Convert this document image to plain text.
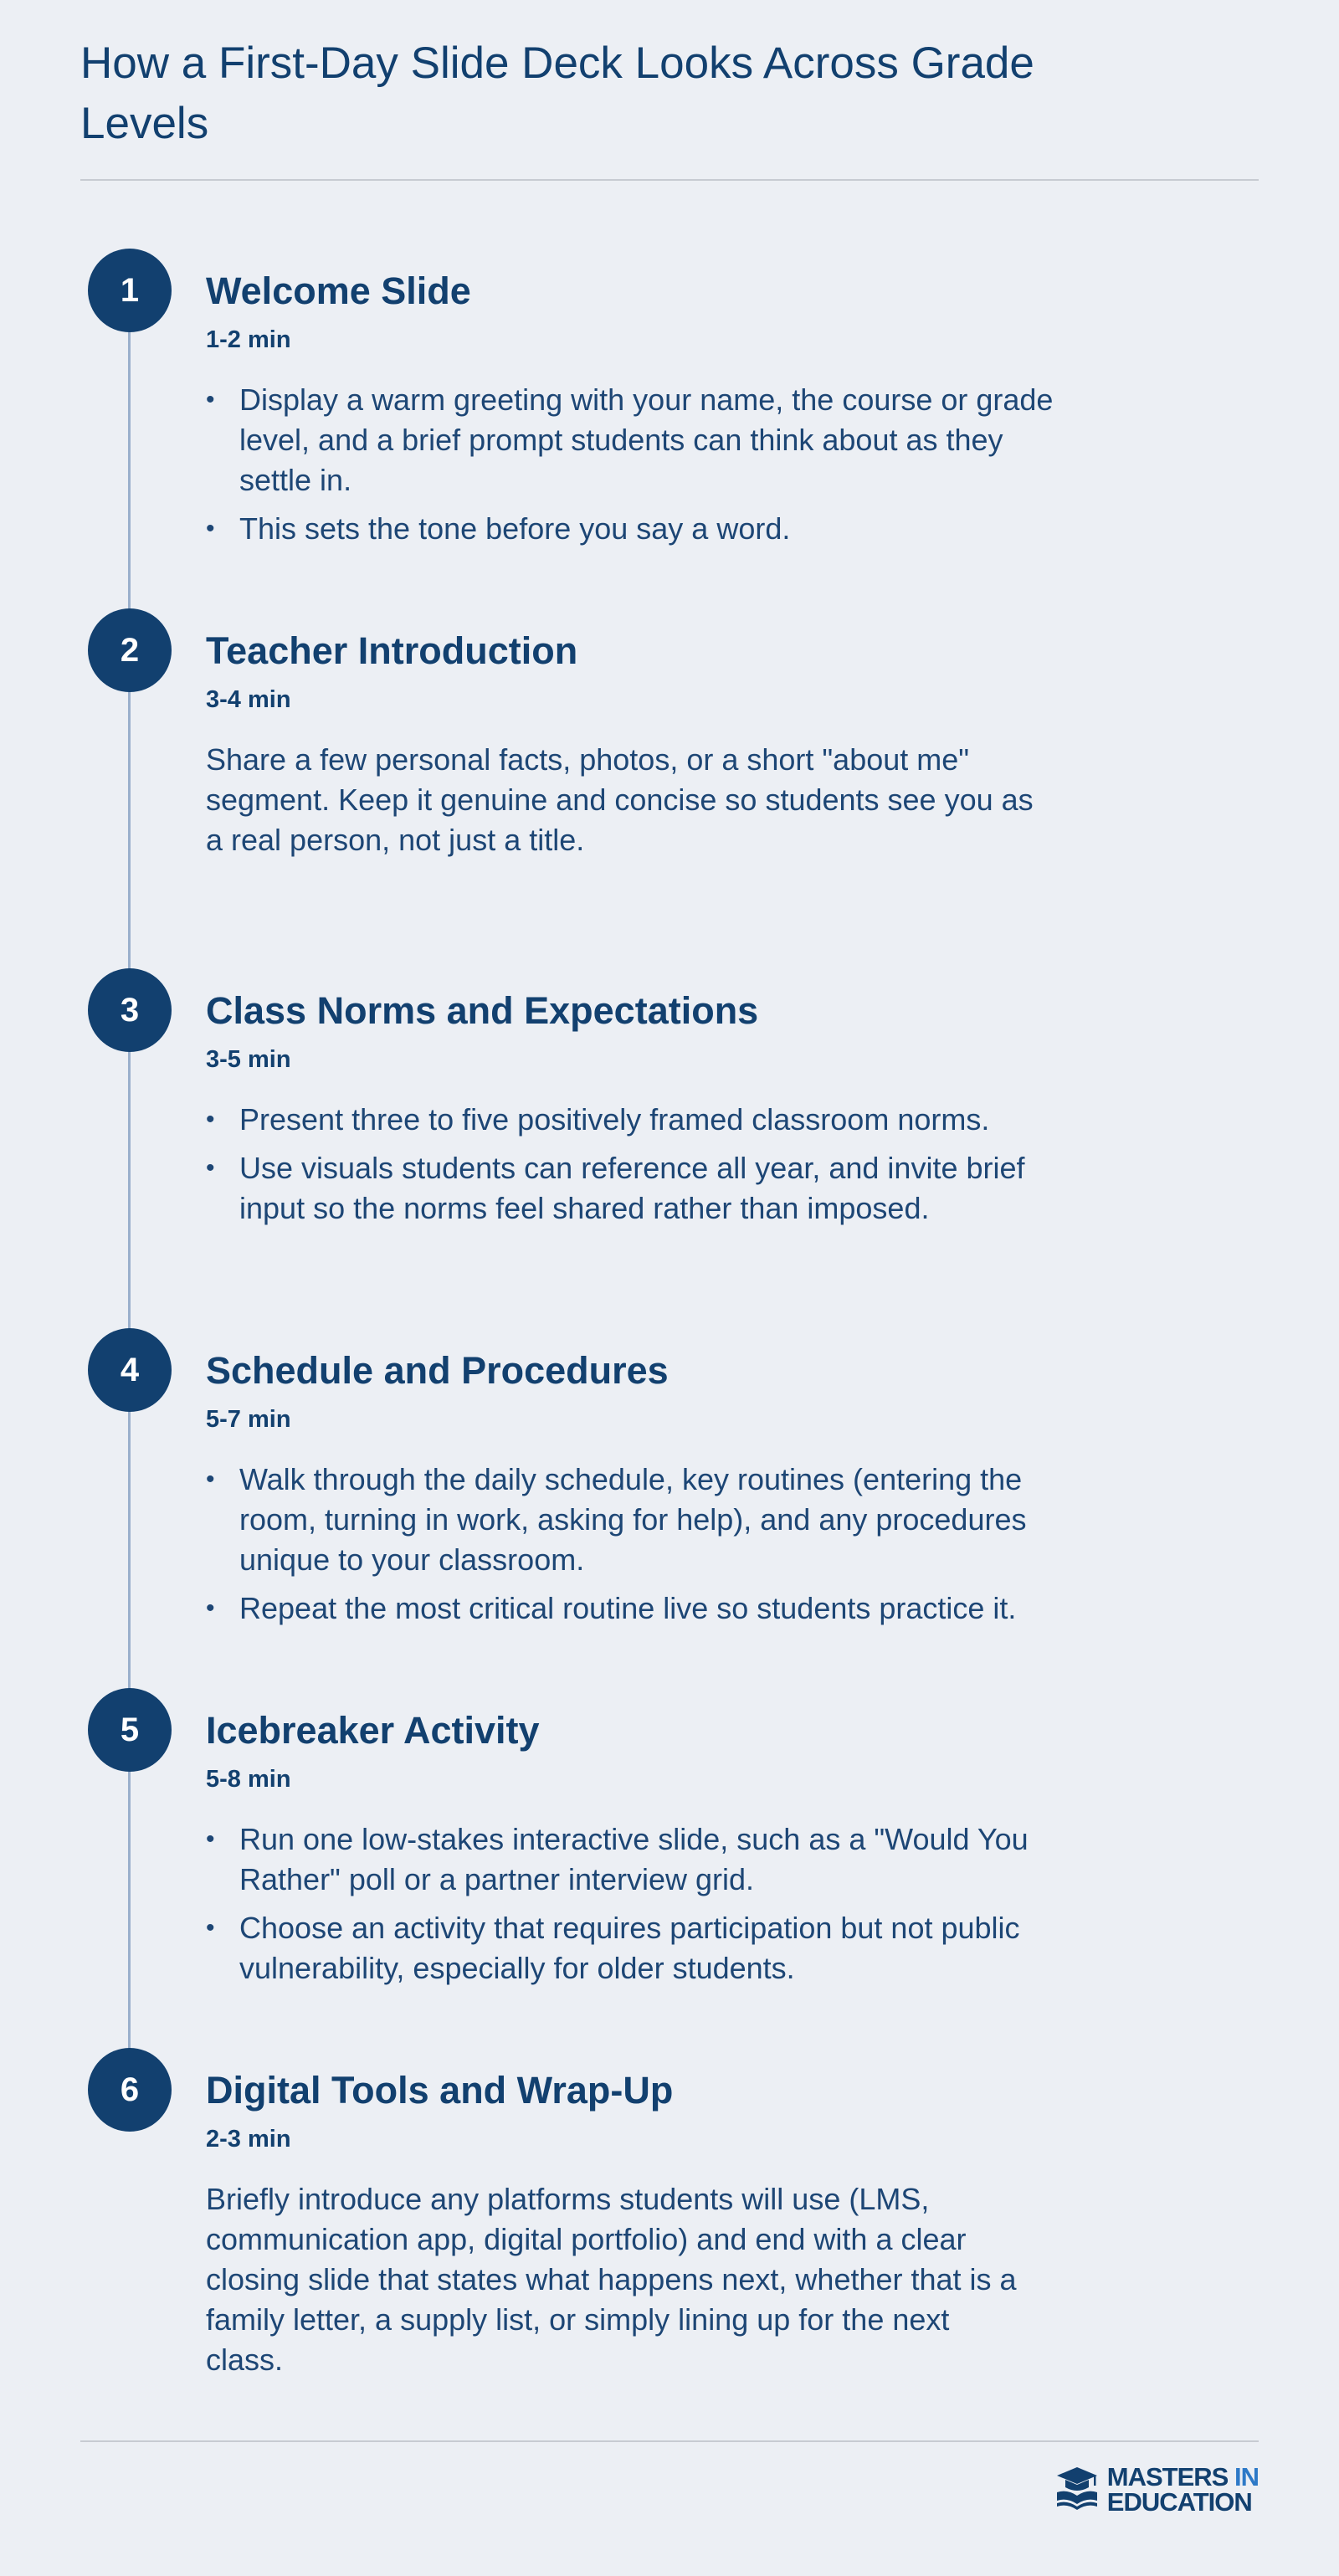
How a First-Day Slide Deck Looks Across Grade Levels
1	Welcome Slide
1-2 min
• Display a warm greeting with your name, the course or grade level, and a brief prompt students can think about as they settle in.
• This sets the tone before you say a word.
2	Teacher Introduction
3-4 min
Share a few personal facts, photos, or a short "about me" segment. Keep it genuine and concise so students see you as a real person, not just a title.
3	Class Norms and Expectations
3-5 min
• Present three to five positively framed classroom norms.
• Use visuals students can reference all year, and invite brief input so the norms feel shared rather than imposed.
4	Schedule and Procedures
5-7 min
• Walk through the daily schedule, key routines (entering the room, turning in work, asking for help), and any procedures unique to your classroom.
• Repeat the most critical routine live so students practice it.
5	Icebreaker Activity
5-8 min
• Run one low-stakes interactive slide, such as a "Would You Rather" poll or a partner interview grid.
• Choose an activity that requires participation but not public vulnerability, especially for older students.
6	Digital Tools and Wrap-Up
2-3 min
Briefly introduce any platforms students will use (LMS, communication app, digital portfolio) and end with a clear closing slide that states what happens next, whether that is a family letter, a supply list, or simply lining up for the next class.
MASTERS IN
EDUCATION
